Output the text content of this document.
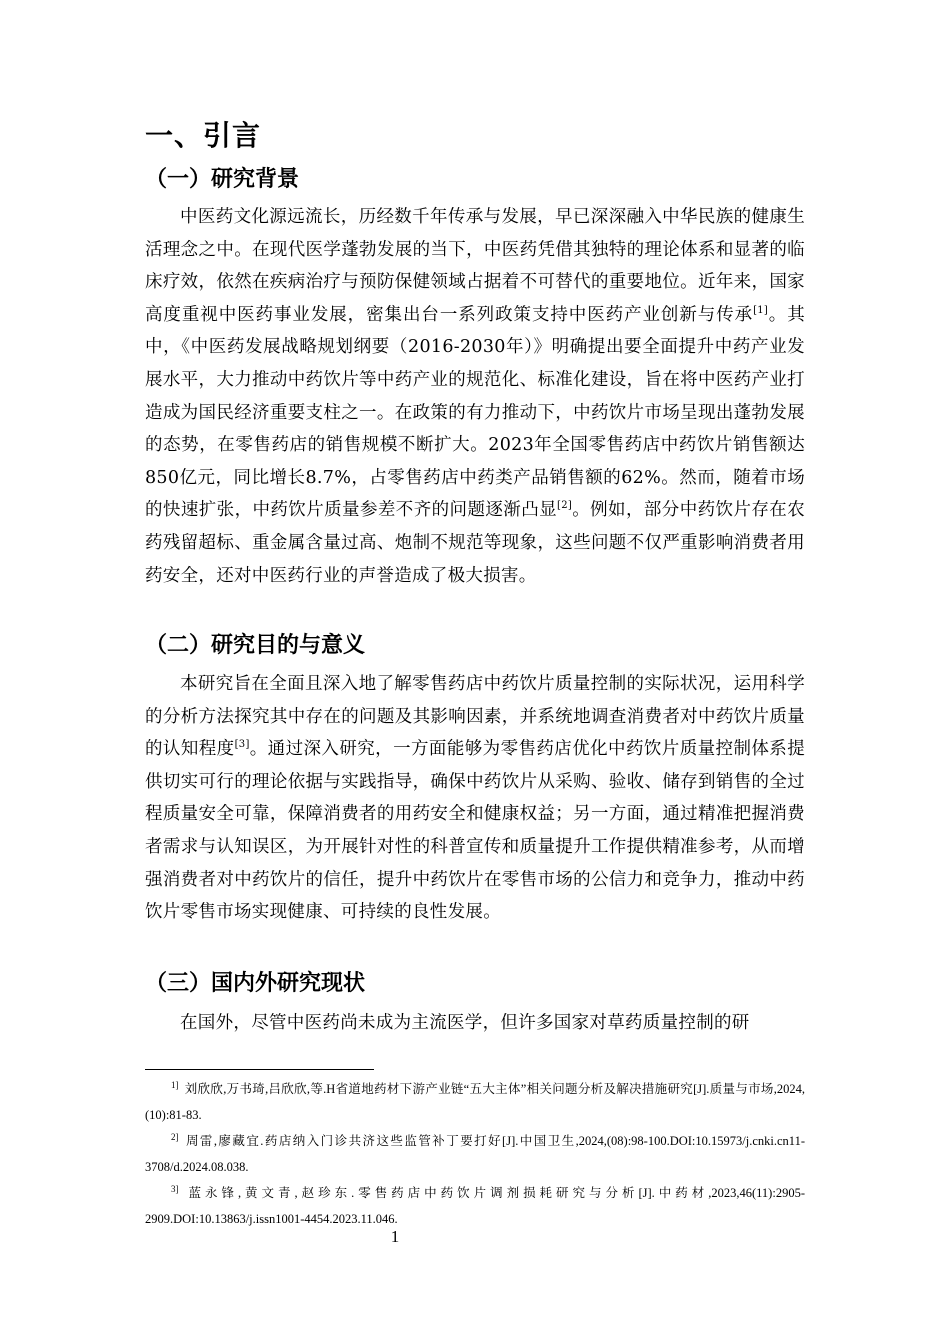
一、引言
（一）研究背景
中医药文化源远流长，历经数千年传承与发展，早已深深融入中华民族的健康生活理念之中。在现代医学蓬勃发展的当下，中医药凭借其独特的理论体系和显著的临床疗效，依然在疾病治疗与预防保健领域占据着不可替代的重要地位。近年来，国家高度重视中医药事业发展，密集出台一系列政策支持中医药产业创新与传承[1]。其中，《中医药发展战略规划纲要（2016-2030年）》明确提出要全面提升中药产业发展水平，大力推动中药饮片等中药产业的规范化、标准化建设，旨在将中医药产业打造成为国民经济重要支柱之一。在政策的有力推动下，中药饮片市场呈现出蓬勃发展的态势，在零售药店的销售规模不断扩大。2023年全国零售药店中药饮片销售额达850亿元，同比增长8.7%，占零售药店中药类产品销售额的62%。然而，随着市场的快速扩张，中药饮片质量参差不齐的问题逐渐凸显[2]。例如，部分中药饮片存在农药残留超标、重金属含量过高、炮制不规范等现象，这些问题不仅严重影响消费者用药安全，还对中医药行业的声誉造成了极大损害。
（二）研究目的与意义
本研究旨在全面且深入地了解零售药店中药饮片质量控制的实际状况，运用科学的分析方法探究其中存在的问题及其影响因素，并系统地调查消费者对中药饮片质量的认知程度[3]。通过深入研究，一方面能够为零售药店优化中药饮片质量控制体系提供切实可行的理论依据与实践指导，确保中药饮片从采购、验收、储存到销售的全过程质量安全可靠，保障消费者的用药安全和健康权益；另一方面，通过精准把握消费者需求与认知误区，为开展针对性的科普宣传和质量提升工作提供精准参考，从而增强消费者对中药饮片的信任，提升中药饮片在零售市场的公信力和竞争力，推动中药饮片零售市场实现健康、可持续的良性发展。
（三）国内外研究现状
在国外，尽管中医药尚未成为主流医学，但许多国家对草药质量控制的研

$^{1]}$ 刘欣欣,万书琦,吕欣欣,等.H省道地药材下游产业链“五大主体”相关问题分析及解决措施研究[J].质量与市场,2024,(10):81-83.

$^{2]}$ 周雷,廖藏宜.药店纳入门诊共济这些监管补丁要打好[J].中国卫生,2024,(08):98-100.DOI:10.15973/j.cnki.cn11-3708/d.2024.08.038.

$^{3]}$ 蓝永锋,黄文青,赵珍东.零售药店中药饮片调剂损耗研究与分析[J].中药材,2023,46(11):2905-2909.DOI:10.13863/j.issn1001-4454.2023.11.046.

1
